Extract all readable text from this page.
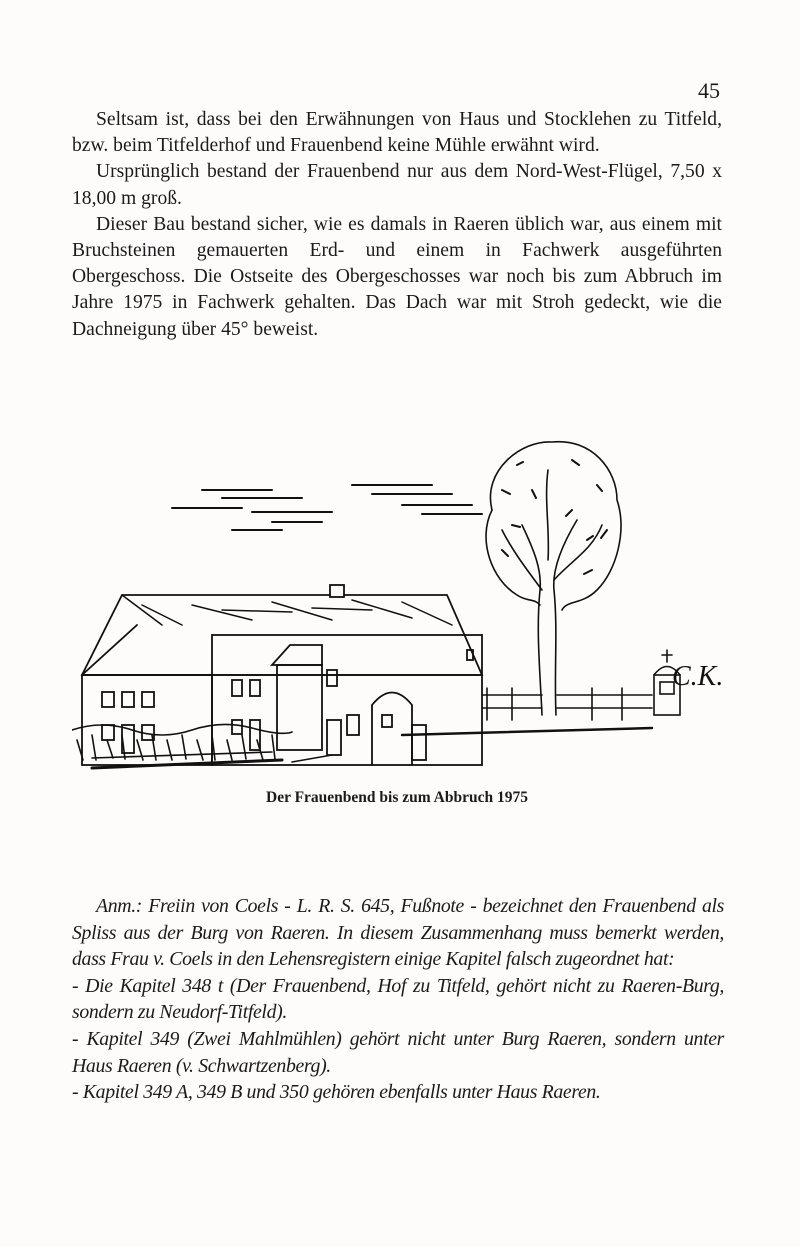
45

Seltsam ist, dass bei den Erwähnungen von Haus und Stocklehen zu Titfeld, bzw. beim Titfelderhof und Frauenbend keine Mühle erwähnt wird.

Ursprünglich bestand der Frauenbend nur aus dem Nord-West-Flügel, 7,50 x 18,00 m groß.

Dieser Bau bestand sicher, wie es damals in Raeren üblich war, aus einem mit Bruchsteinen gemauerten Erd- und einem in Fachwerk ausgeführten Obergeschoss. Die Ostseite des Obergeschosses war noch bis zum Abbruch im Jahre 1975 in Fachwerk gehalten. Das Dach war mit Stroh gedeckt, wie die Dachneigung über 45° beweist.

C.K.
Der Frauenbend bis zum Abbruch 1975

Anm.: Freiin von Coels - L. R. S. 645, Fußnote - bezeichnet den Frauenbend als Spliss aus der Burg von Raeren. In diesem Zusammenhang muss bemerkt werden, dass Frau v. Coels in den Lehensregistern einige Kapitel falsch zugeordnet hat:

- Die Kapitel 348 t (Der Frauenbend, Hof zu Titfeld, gehört nicht zu Raeren-Burg, sondern zu Neudorf-Titfeld).

- Kapitel 349 (Zwei Mahlmühlen) gehört nicht unter Burg Raeren, sondern unter Haus Raeren (v. Schwartzenberg).

- Kapitel 349 A, 349 B und 350 gehören ebenfalls unter Haus Raeren.
